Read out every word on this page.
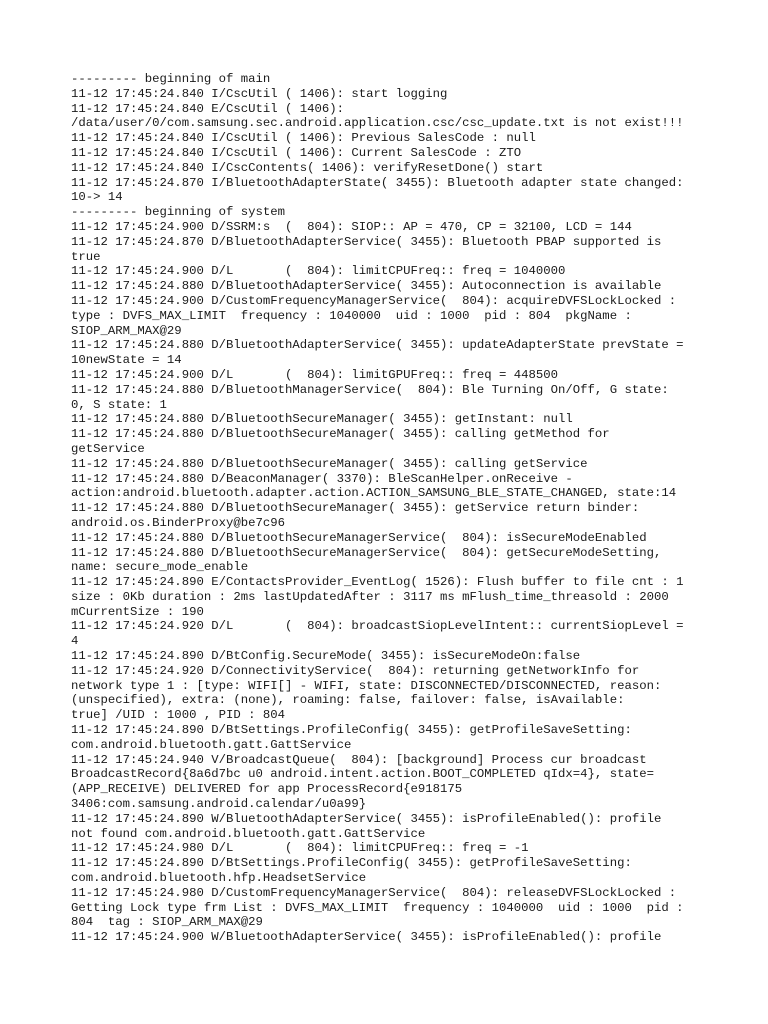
--------- beginning of main
11-12 17:45:24.840 I/CscUtil ( 1406): start logging
11-12 17:45:24.840 E/CscUtil ( 1406):
/data/user/0/com.samsung.sec.android.application.csc/csc_update.txt is not exist!!!
11-12 17:45:24.840 I/CscUtil ( 1406): Previous SalesCode : null
11-12 17:45:24.840 I/CscUtil ( 1406): Current SalesCode : ZTO
11-12 17:45:24.840 I/CscContents( 1406): verifyResetDone() start
11-12 17:45:24.870 I/BluetoothAdapterState( 3455): Bluetooth adapter state changed:
10-> 14
--------- beginning of system
11-12 17:45:24.900 D/SSRM:s  (  804): SIOP:: AP = 470, CP = 32100, LCD = 144
11-12 17:45:24.870 D/BluetoothAdapterService( 3455): Bluetooth PBAP supported is
true
11-12 17:45:24.900 D/L       (  804): limitCPUFreq:: freq = 1040000
11-12 17:45:24.880 D/BluetoothAdapterService( 3455): Autoconnection is available
11-12 17:45:24.900 D/CustomFrequencyManagerService(  804): acquireDVFSLockLocked :
type : DVFS_MAX_LIMIT  frequency : 1040000  uid : 1000  pid : 804  pkgName :
SIOP_ARM_MAX@29
11-12 17:45:24.880 D/BluetoothAdapterService( 3455): updateAdapterState prevState =
10newState = 14
11-12 17:45:24.900 D/L       (  804): limitGPUFreq:: freq = 448500
11-12 17:45:24.880 D/BluetoothManagerService(  804): Ble Turning On/Off, G state:
0, S state: 1
11-12 17:45:24.880 D/BluetoothSecureManager( 3455): getInstant: null
11-12 17:45:24.880 D/BluetoothSecureManager( 3455): calling getMethod for
getService
11-12 17:45:24.880 D/BluetoothSecureManager( 3455): calling getService
11-12 17:45:24.880 D/BeaconManager( 3370): BleScanHelper.onReceive -
action:android.bluetooth.adapter.action.ACTION_SAMSUNG_BLE_STATE_CHANGED, state:14
11-12 17:45:24.880 D/BluetoothSecureManager( 3455): getService return binder:
android.os.BinderProxy@be7c96
11-12 17:45:24.880 D/BluetoothSecureManagerService(  804): isSecureModeEnabled
11-12 17:45:24.880 D/BluetoothSecureManagerService(  804): getSecureModeSetting,
name: secure_mode_enable
11-12 17:45:24.890 E/ContactsProvider_EventLog( 1526): Flush buffer to file cnt : 1
size : 0Kb duration : 2ms lastUpdatedAfter : 3117 ms mFlush_time_threasold : 2000
mCurrentSize : 190
11-12 17:45:24.920 D/L       (  804): broadcastSiopLevelIntent:: currentSiopLevel =
4
11-12 17:45:24.890 D/BtConfig.SecureMode( 3455): isSecureModeOn:false
11-12 17:45:24.920 D/ConnectivityService(  804): returning getNetworkInfo for
network type 1 : [type: WIFI[] - WIFI, state: DISCONNECTED/DISCONNECTED, reason:
(unspecified), extra: (none), roaming: false, failover: false, isAvailable:
true] /UID : 1000 , PID : 804
11-12 17:45:24.890 D/BtSettings.ProfileConfig( 3455): getProfileSaveSetting:
com.android.bluetooth.gatt.GattService
11-12 17:45:24.940 V/BroadcastQueue(  804): [background] Process cur broadcast
BroadcastRecord{8a6d7bc u0 android.intent.action.BOOT_COMPLETED qIdx=4}, state=
(APP_RECEIVE) DELIVERED for app ProcessRecord{e918175
3406:com.samsung.android.calendar/u0a99}
11-12 17:45:24.890 W/BluetoothAdapterService( 3455): isProfileEnabled(): profile
not found com.android.bluetooth.gatt.GattService
11-12 17:45:24.980 D/L       (  804): limitCPUFreq:: freq = -1
11-12 17:45:24.890 D/BtSettings.ProfileConfig( 3455): getProfileSaveSetting:
com.android.bluetooth.hfp.HeadsetService
11-12 17:45:24.980 D/CustomFrequencyManagerService(  804): releaseDVFSLockLocked :
Getting Lock type frm List : DVFS_MAX_LIMIT  frequency : 1040000  uid : 1000  pid :
804  tag : SIOP_ARM_MAX@29
11-12 17:45:24.900 W/BluetoothAdapterService( 3455): isProfileEnabled(): profile
